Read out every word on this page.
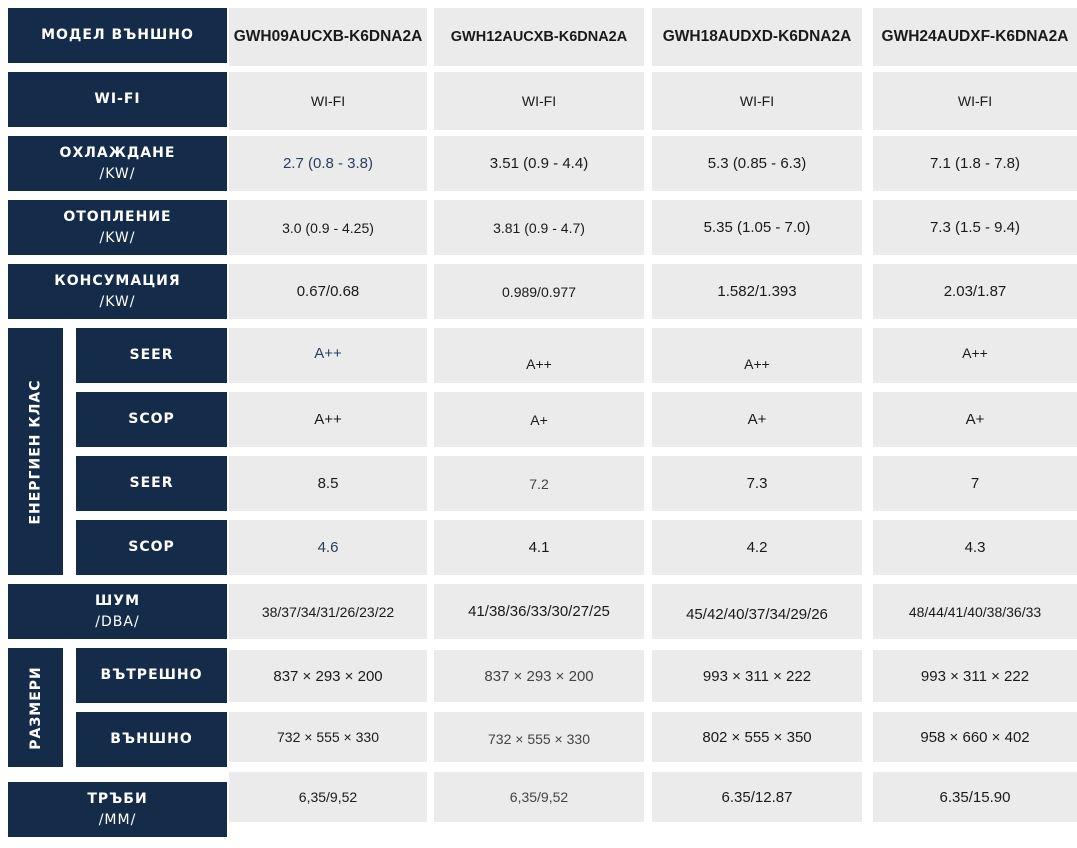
МОДЕЛ ВЪНШНО
WI-FI
ОХЛАЖДАНЕ
/KW/
ОТОПЛЕНИЕ
/KW/
КОНСУМАЦИЯ
/KW/
ЕНЕРГИЕН КЛАС
SEER
SCOP
SEER
SCOP
ШУМ
/DBA/
РАЗМЕРИ	ВЪТРЕШНО
ВЪНШНО
ТРЪБИ
/MM/
GWH09AUCXB-K6DNA2A
WI-FI
2.7 (0.8 - 3.8)
3.0 (0.9 - 4.25)
0.67/0.68
A++
A++
8.5
4.6
38/37/34/31/26/23/22
837 × 293 × 200
732 × 555 × 330
6,35/9,52
GWH12AUCXB-K6DNA2A
WI-FI
3.51 (0.9 - 4.4)
3.81 (0.9 - 4.7)
0.989/0.977
A++
A+
7.2
4.1
41/38/36/33/30/27/25
837 × 293 × 200
732 × 555 × 330
6,35/9,52
GWH18AUDXD-K6DNA2A
WI-FI
5.3 (0.85 - 6.3)
5.35 (1.05 - 7.0)
1.582/1.393
A++
A+
7.3
4.2
45/42/40/37/34/29/26
993 × 311 × 222
802 × 555 × 350
6.35/12.87
GWH24AUDXF-K6DNA2A
WI-FI
7.1 (1.8 - 7.8)
7.3 (1.5 - 9.4)
2.03/1.87
A++
A+
7
4.3
48/44/41/40/38/36/33
993 × 311 × 222
958 × 660 × 402
6.35/15.90
